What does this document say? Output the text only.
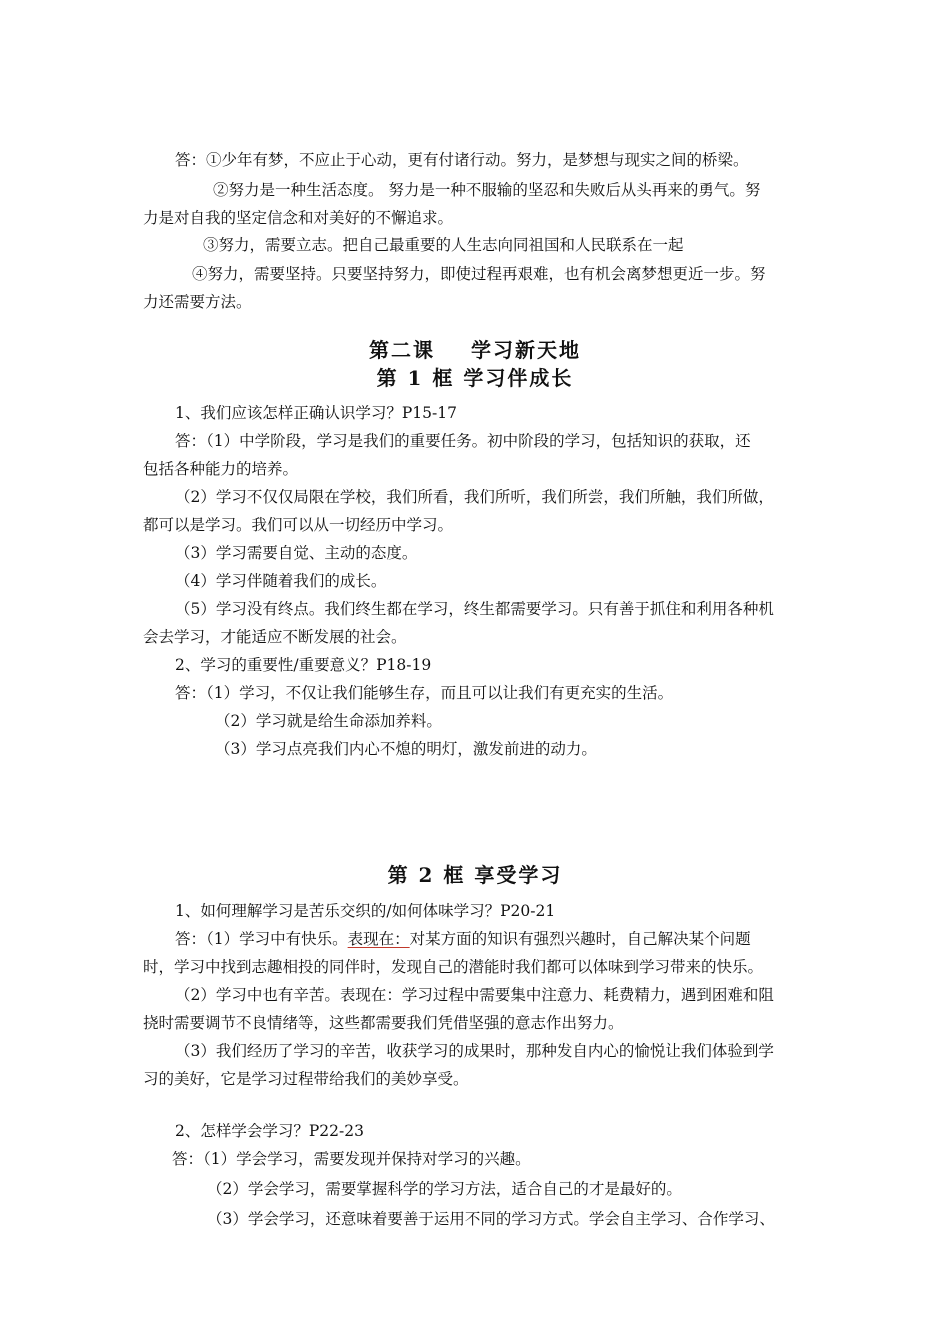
答：①少年有梦，不应止于心动，更有付诸行动。努力，是梦想与现实之间的桥梁。
②努力是一种生活态度。 努力是一种不服输的坚忍和失败后从头再来的勇气。努
力是对自我的坚定信念和对美好的不懈追求。
③努力，需要立志。把自己最重要的人生志向同祖国和人民联系在一起
④努力，需要坚持。只要坚持努力，即使过程再艰难，也有机会离梦想更近一步。努
力还需要方法。
第二课 学习新天地
第 1 框 学习伴成长
1、我们应该怎样正确认识学习？P15-17
答：（1）中学阶段，学习是我们的重要任务。初中阶段的学习，包括知识的获取，还
包括各种能力的培养。
（2）学习不仅仅局限在学校，我们所看，我们所听，我们所尝，我们所触，我们所做，
都可以是学习。我们可以从一切经历中学习。
（3）学习需要自觉、主动的态度。
（4）学习伴随着我们的成长。
（5）学习没有终点。我们终生都在学习，终生都需要学习。只有善于抓住和利用各种机
会去学习，才能适应不断发展的社会。
2、学习的重要性/重要意义？P18-19
答：（1）学习，不仅让我们能够生存，而且可以让我们有更充实的生活。
（2）学习就是给生命添加养料。
（3）学习点亮我们内心不熄的明灯，激发前进的动力。
第 2 框 享受学习
1、如何理解学习是苦乐交织的/如何体味学习？P20-21
答：（1）学习中有快乐。表现在：对某方面的知识有强烈兴趣时，自己解决某个问题
时，学习中找到志趣相投的同伴时，发现自己的潜能时我们都可以体味到学习带来的快乐。
（2）学习中也有辛苦。表现在：学习过程中需要集中注意力、耗费精力，遇到困难和阻
挠时需要调节不良情绪等，这些都需要我们凭借坚强的意志作出努力。
（3）我们经历了学习的辛苦，收获学习的成果时，那种发自内心的愉悦让我们体验到学
习的美好，它是学习过程带给我们的美妙享受。
2、怎样学会学习？P22-23
答：（1）学会学习，需要发现并保持对学习的兴趣。
（2）学会学习，需要掌握科学的学习方法，适合自己的才是最好的。
（3）学会学习，还意味着要善于运用不同的学习方式。学会自主学习、合作学习、
